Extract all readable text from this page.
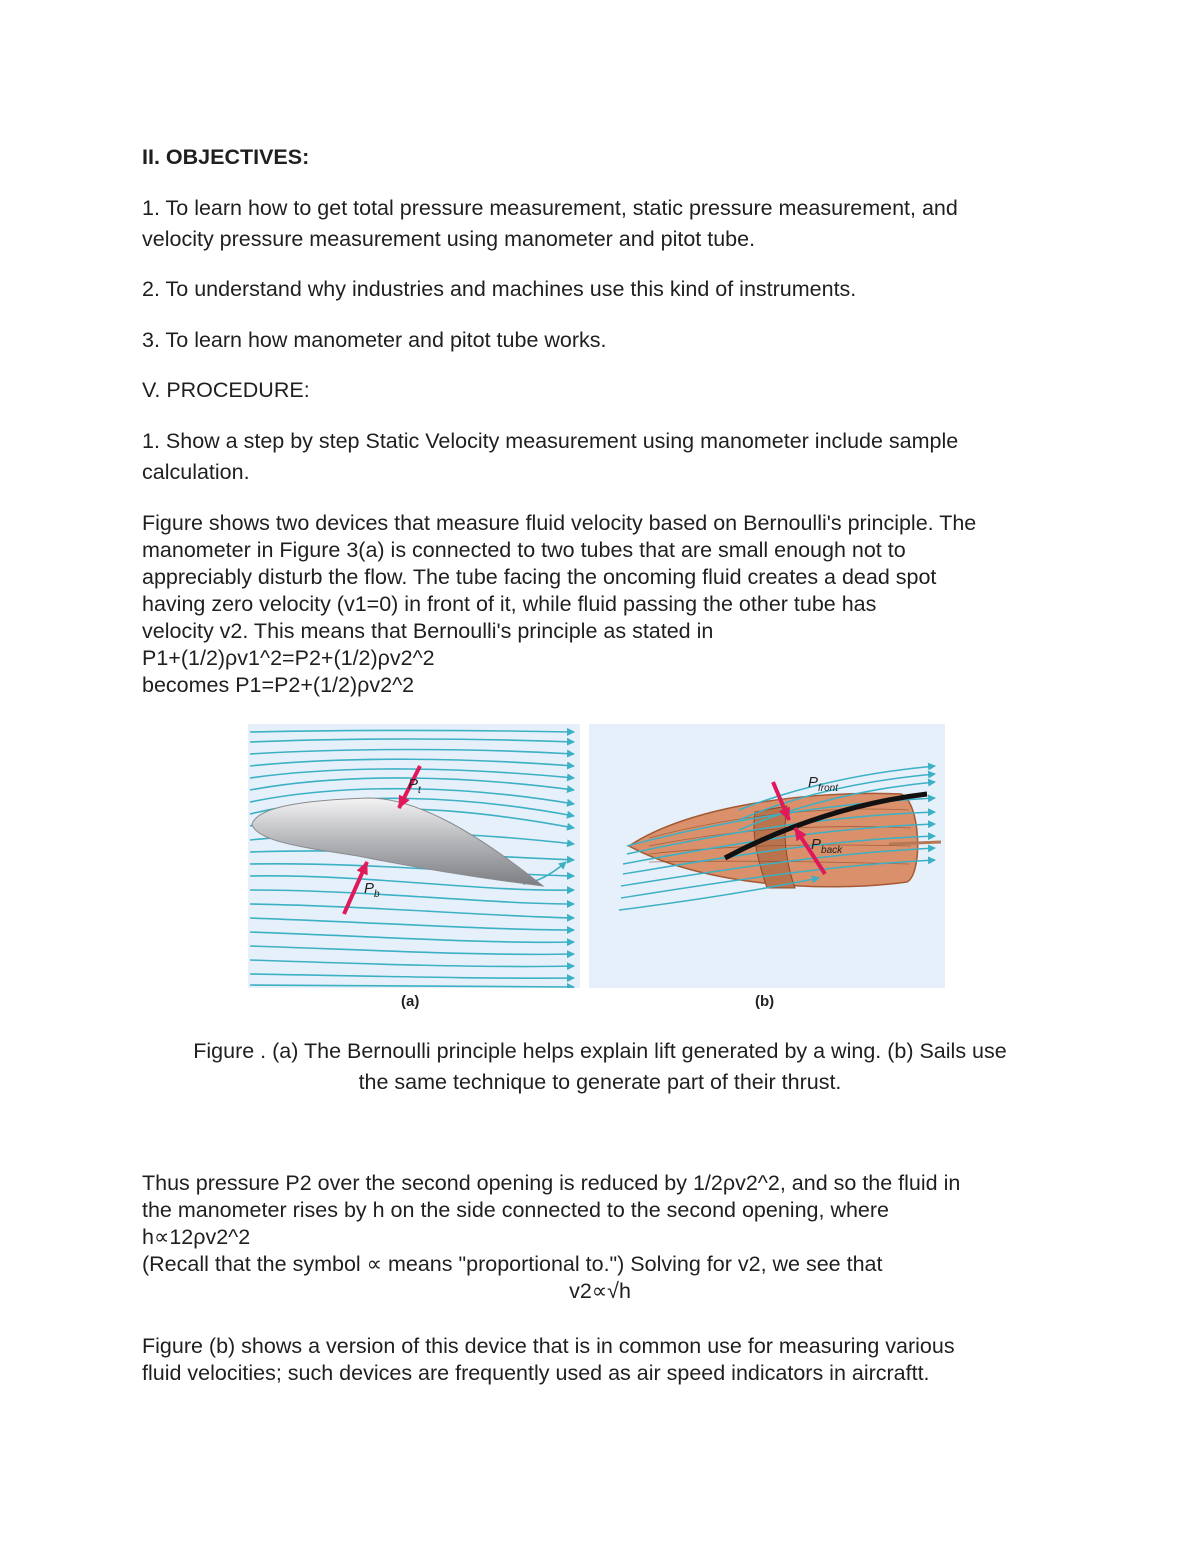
II. OBJECTIVES:
1. To learn how to get total pressure measurement, static pressure measurement, and
velocity pressure measurement using manometer and pitot tube.
2. To understand why industries and machines use this kind of instruments.
3. To learn how manometer and pitot tube works.
V. PROCEDURE:
1. Show a step by step Static Velocity measurement using manometer include sample
calculation.
Figure shows two devices that measure fluid velocity based on Bernoulli's principle. The
manometer in Figure 3(a) is connected to two tubes that are small enough not to
appreciably disturb the flow. The tube facing the oncoming fluid creates a dead spot
having zero velocity (v1=0) in front of it, while fluid passing the other tube has
velocity v2. This means that Bernoulli's principle as stated in
P1+(1/2)ρv1^2=P2+(1/2)ρv2^2
becomes P1=P2+(1/2)ρv2^2
$P_t$
$P_b$
(a)
$P_{front}$
$P_{back}$
(b)
Figure . (a) The Bernoulli principle helps explain lift generated by a wing. (b) Sails use
the same technique to generate part of their thrust.
Thus pressure P2 over the second opening is reduced by 1/2ρv2^2, and so the fluid in
the manometer rises by h on the side connected to the second opening, where
h∝12ρv2^2
(Recall that the symbol ∝ means "proportional to.") Solving for v2, we see that
v2∝√h
Figure (b) shows a version of this device that is in common use for measuring various
fluid velocities; such devices are frequently used as air speed indicators in aircraftt.
